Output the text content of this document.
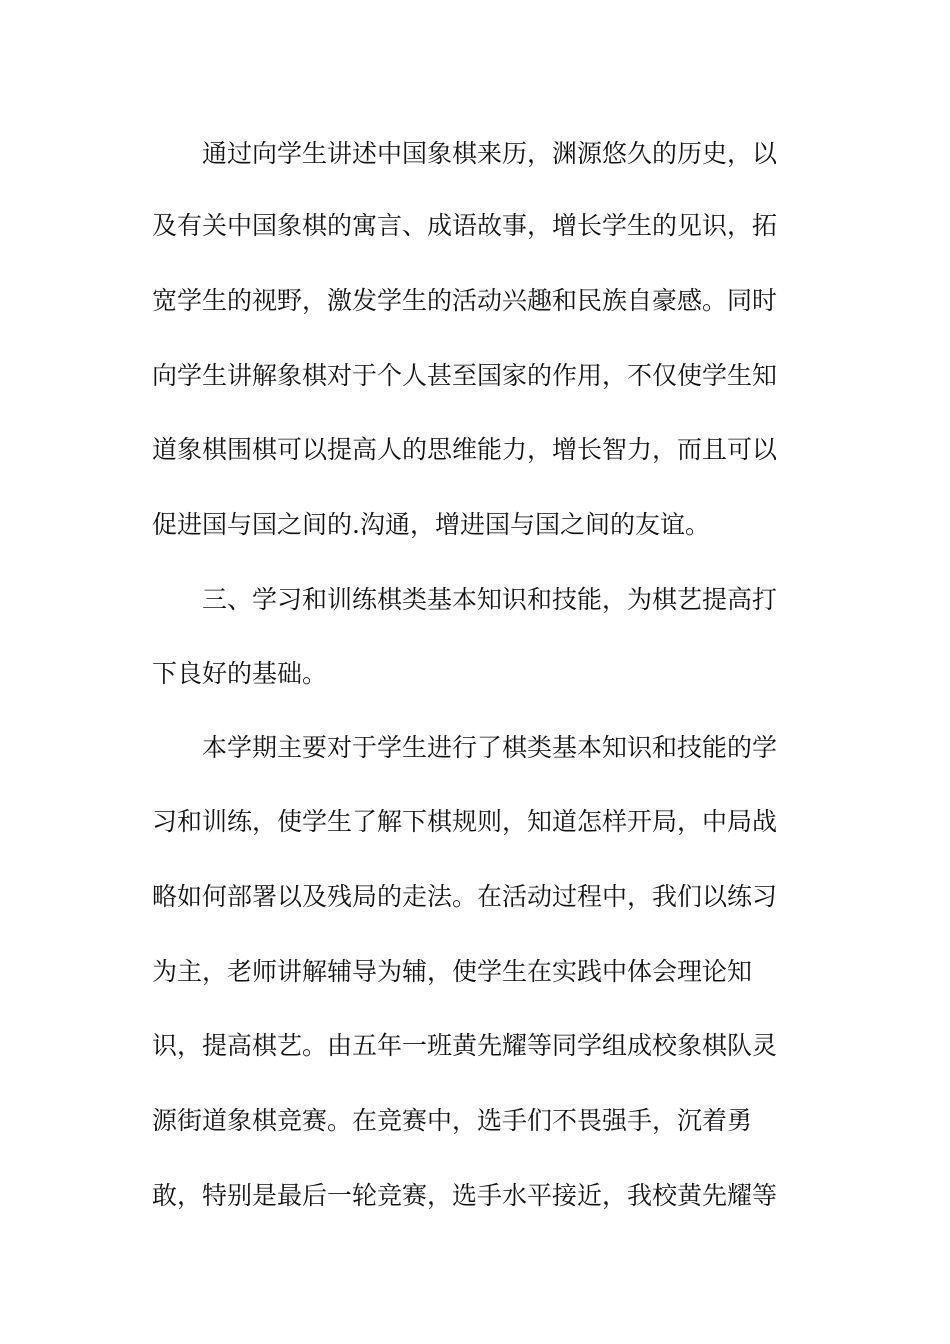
通过向学生讲述中国象棋来历，渊源悠久的历史，以
及有关中国象棋的寓言、成语故事，增长学生的见识，拓
宽学生的视野，激发学生的活动兴趣和民族自豪感。同时
向学生讲解象棋对于个人甚至国家的作用，不仅使学生知
道象棋围棋可以提高人的思维能力，增长智力，而且可以
促进国与国之间的.沟通，增进国与国之间的友谊。
三、学习和训练棋类基本知识和技能，为棋艺提高打
下良好的基础。
本学期主要对于学生进行了棋类基本知识和技能的学
习和训练，使学生了解下棋规则，知道怎样开局，中局战
略如何部署以及残局的走法。在活动过程中，我们以练习
为主，老师讲解辅导为辅，使学生在实践中体会理论知
识，提高棋艺。由五年一班黄先耀等同学组成校象棋队灵
源街道象棋竞赛。在竞赛中，选手们不畏强手，沉着勇
敢，特别是最后一轮竞赛，选手水平接近，我校黄先耀等
